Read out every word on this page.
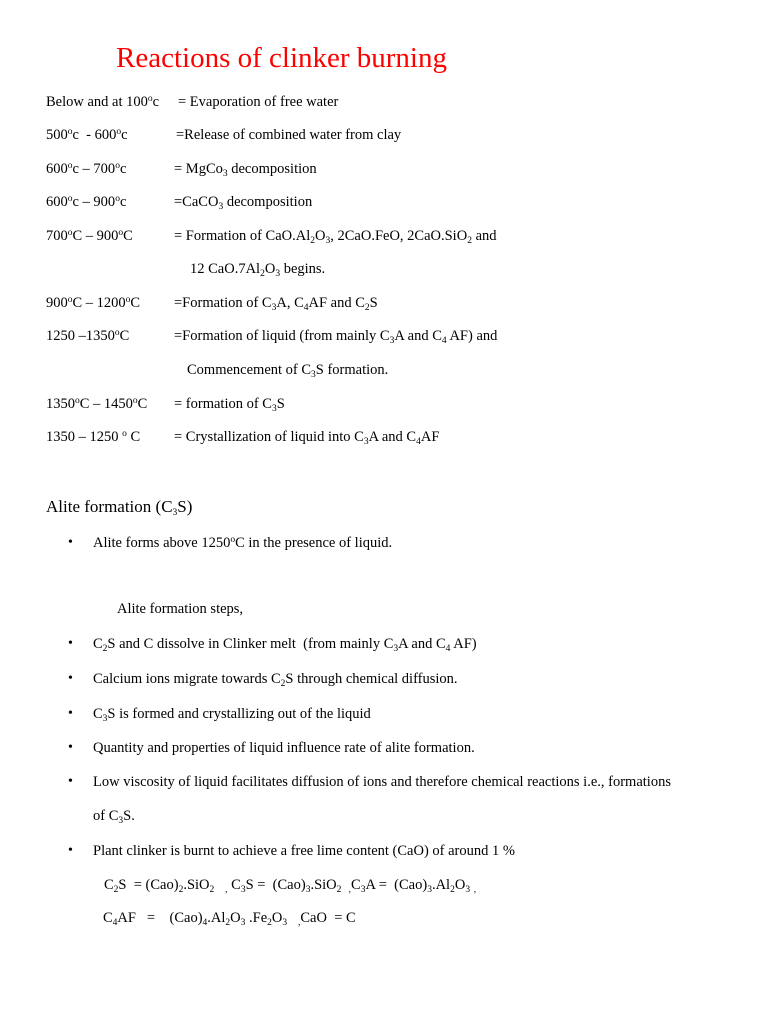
Reactions of clinker burning
Below and at $100^oc$ = Evaporation of free water
$500^oc - 600^oc$	=Release of combined water from clay
$600^oc - 700^oc$	= MgCo$_3$ decomposition
$600^oc - 900^oc$	=CaCO$_3$ decomposition
$700^oC - 900^oC$	= Formation of $CaO.Al_2O_3$, 2CaO.FeO, 2CaO.SiO$_2$ and
12 $CaO.7Al_2O_3$ begins.
$900^oC - 1200^oC$ =Formation of $C_3A$, $C_4AF$ and $C_2S$
1250 $-1350^oC$	=Formation of liquid (from mainly $C_3A$ and $C_4$ AF) and
Commencement of $C_3S$ formation.
$1350^oC - 1450^oC$ = formation of $C_3S$
1350 – 1250 $^o$ C = Crystallization of liquid into $C_3A$ and $C_4AF$
Alite formation $(C_3S)$
• Alite forms above 1250$^o$C in the presence of liquid.
Alite formation steps,
• $C_2S$ and C dissolve in Clinker melt  (from mainly $C_3A$ and $C_4$ AF)
• Calcium ions migrate towards $C_2S$ through chemical diffusion.
• $C_3S$ is formed and crystallizing out of the liquid
• Quantity and properties of liquid influence rate of alite formation.
• Low viscosity of liquid facilitates diffusion of ions and therefore chemical reactions i.e., formations
of $C_3S$.
• Plant clinker is burnt to achieve a free lime content (CaO) of around 1 %
$C_2S = (Cao)_2.SiO_2$ $_,$ $C_3S = (Cao)_3.SiO_2$ $_,C_3A = (Cao)_3.Al_2O_3$ $_,$
$C_4AF$   =    $(Cao)_4.Al_2O_3$ $.Fe_2O_3$ $_,$CaO  = C
